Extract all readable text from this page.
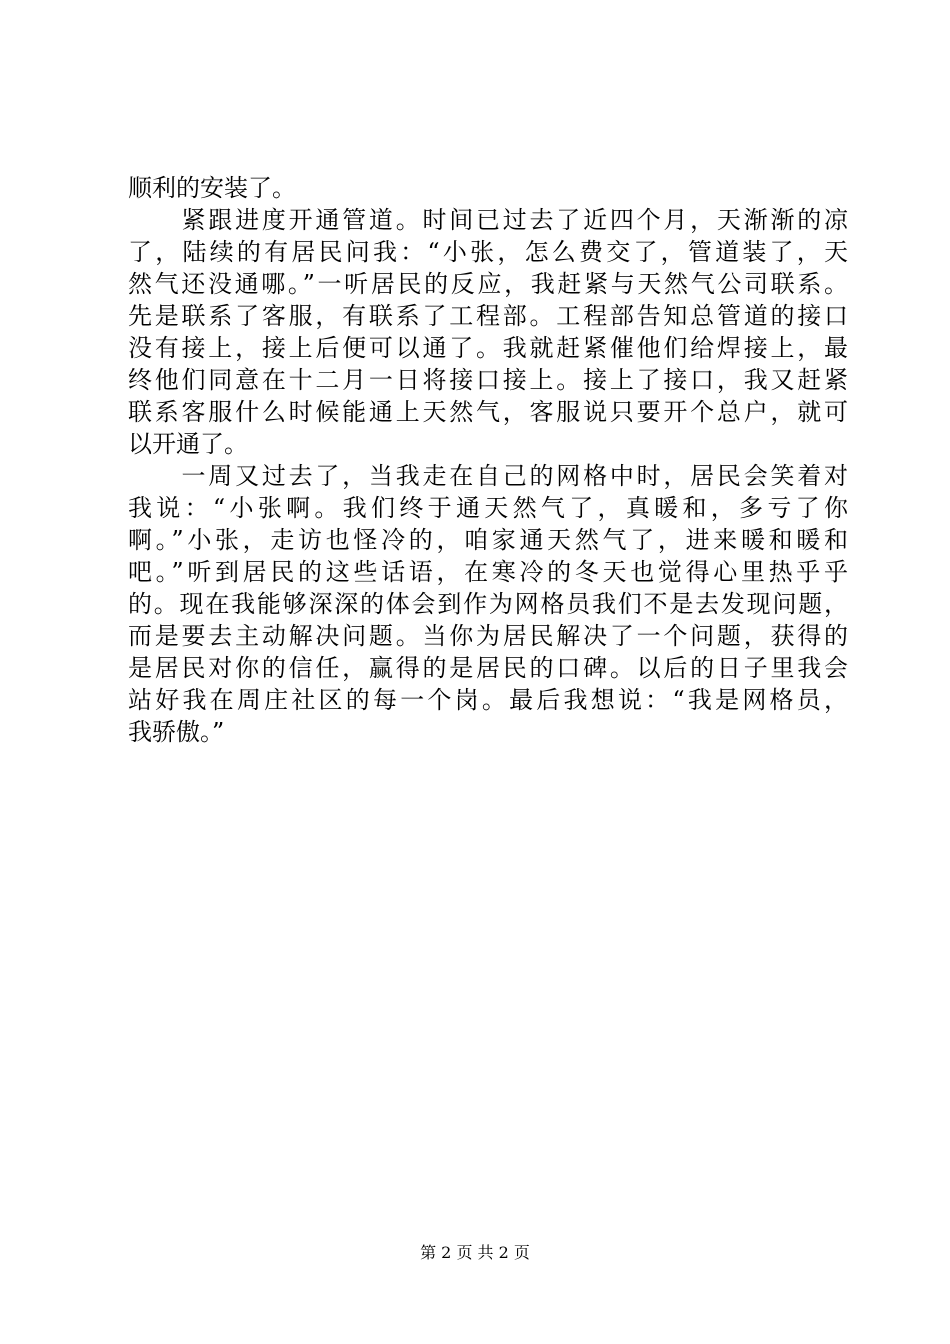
顺利的安装了。
　　紧跟进度开通管道。时间已过去了近四个月，天渐渐的凉
了，陆续的有居民问我：“小张，怎么费交了，管道装了，天
然气还没通哪。”一听居民的反应，我赶紧与天然气公司联系。
先是联系了客服，有联系了工程部。工程部告知总管道的接口
没有接上，接上后便可以通了。我就赶紧催他们给焊接上，最
终他们同意在十二月一日将接口接上。接上了接口，我又赶紧
联系客服什么时候能通上天然气，客服说只要开个总户，就可
以开通了。
　　一周又过去了，当我走在自己的网格中时，居民会笑着对
我说：“小张啊。我们终于通天然气了，真暖和，多亏了你
啊。”小张，走访也怪冷的，咱家通天然气了，进来暖和暖和
吧。”听到居民的这些话语，在寒冷的冬天也觉得心里热乎乎
的。现在我能够深深的体会到作为网格员我们不是去发现问题，
而是要去主动解决问题。当你为居民解决了一个问题，获得的
是居民对你的信任，赢得的是居民的口碑。以后的日子里我会
站好我在周庄社区的每一个岗。最后我想说：“我是网格员，
我骄傲。”
第 2 页 共 2 页
